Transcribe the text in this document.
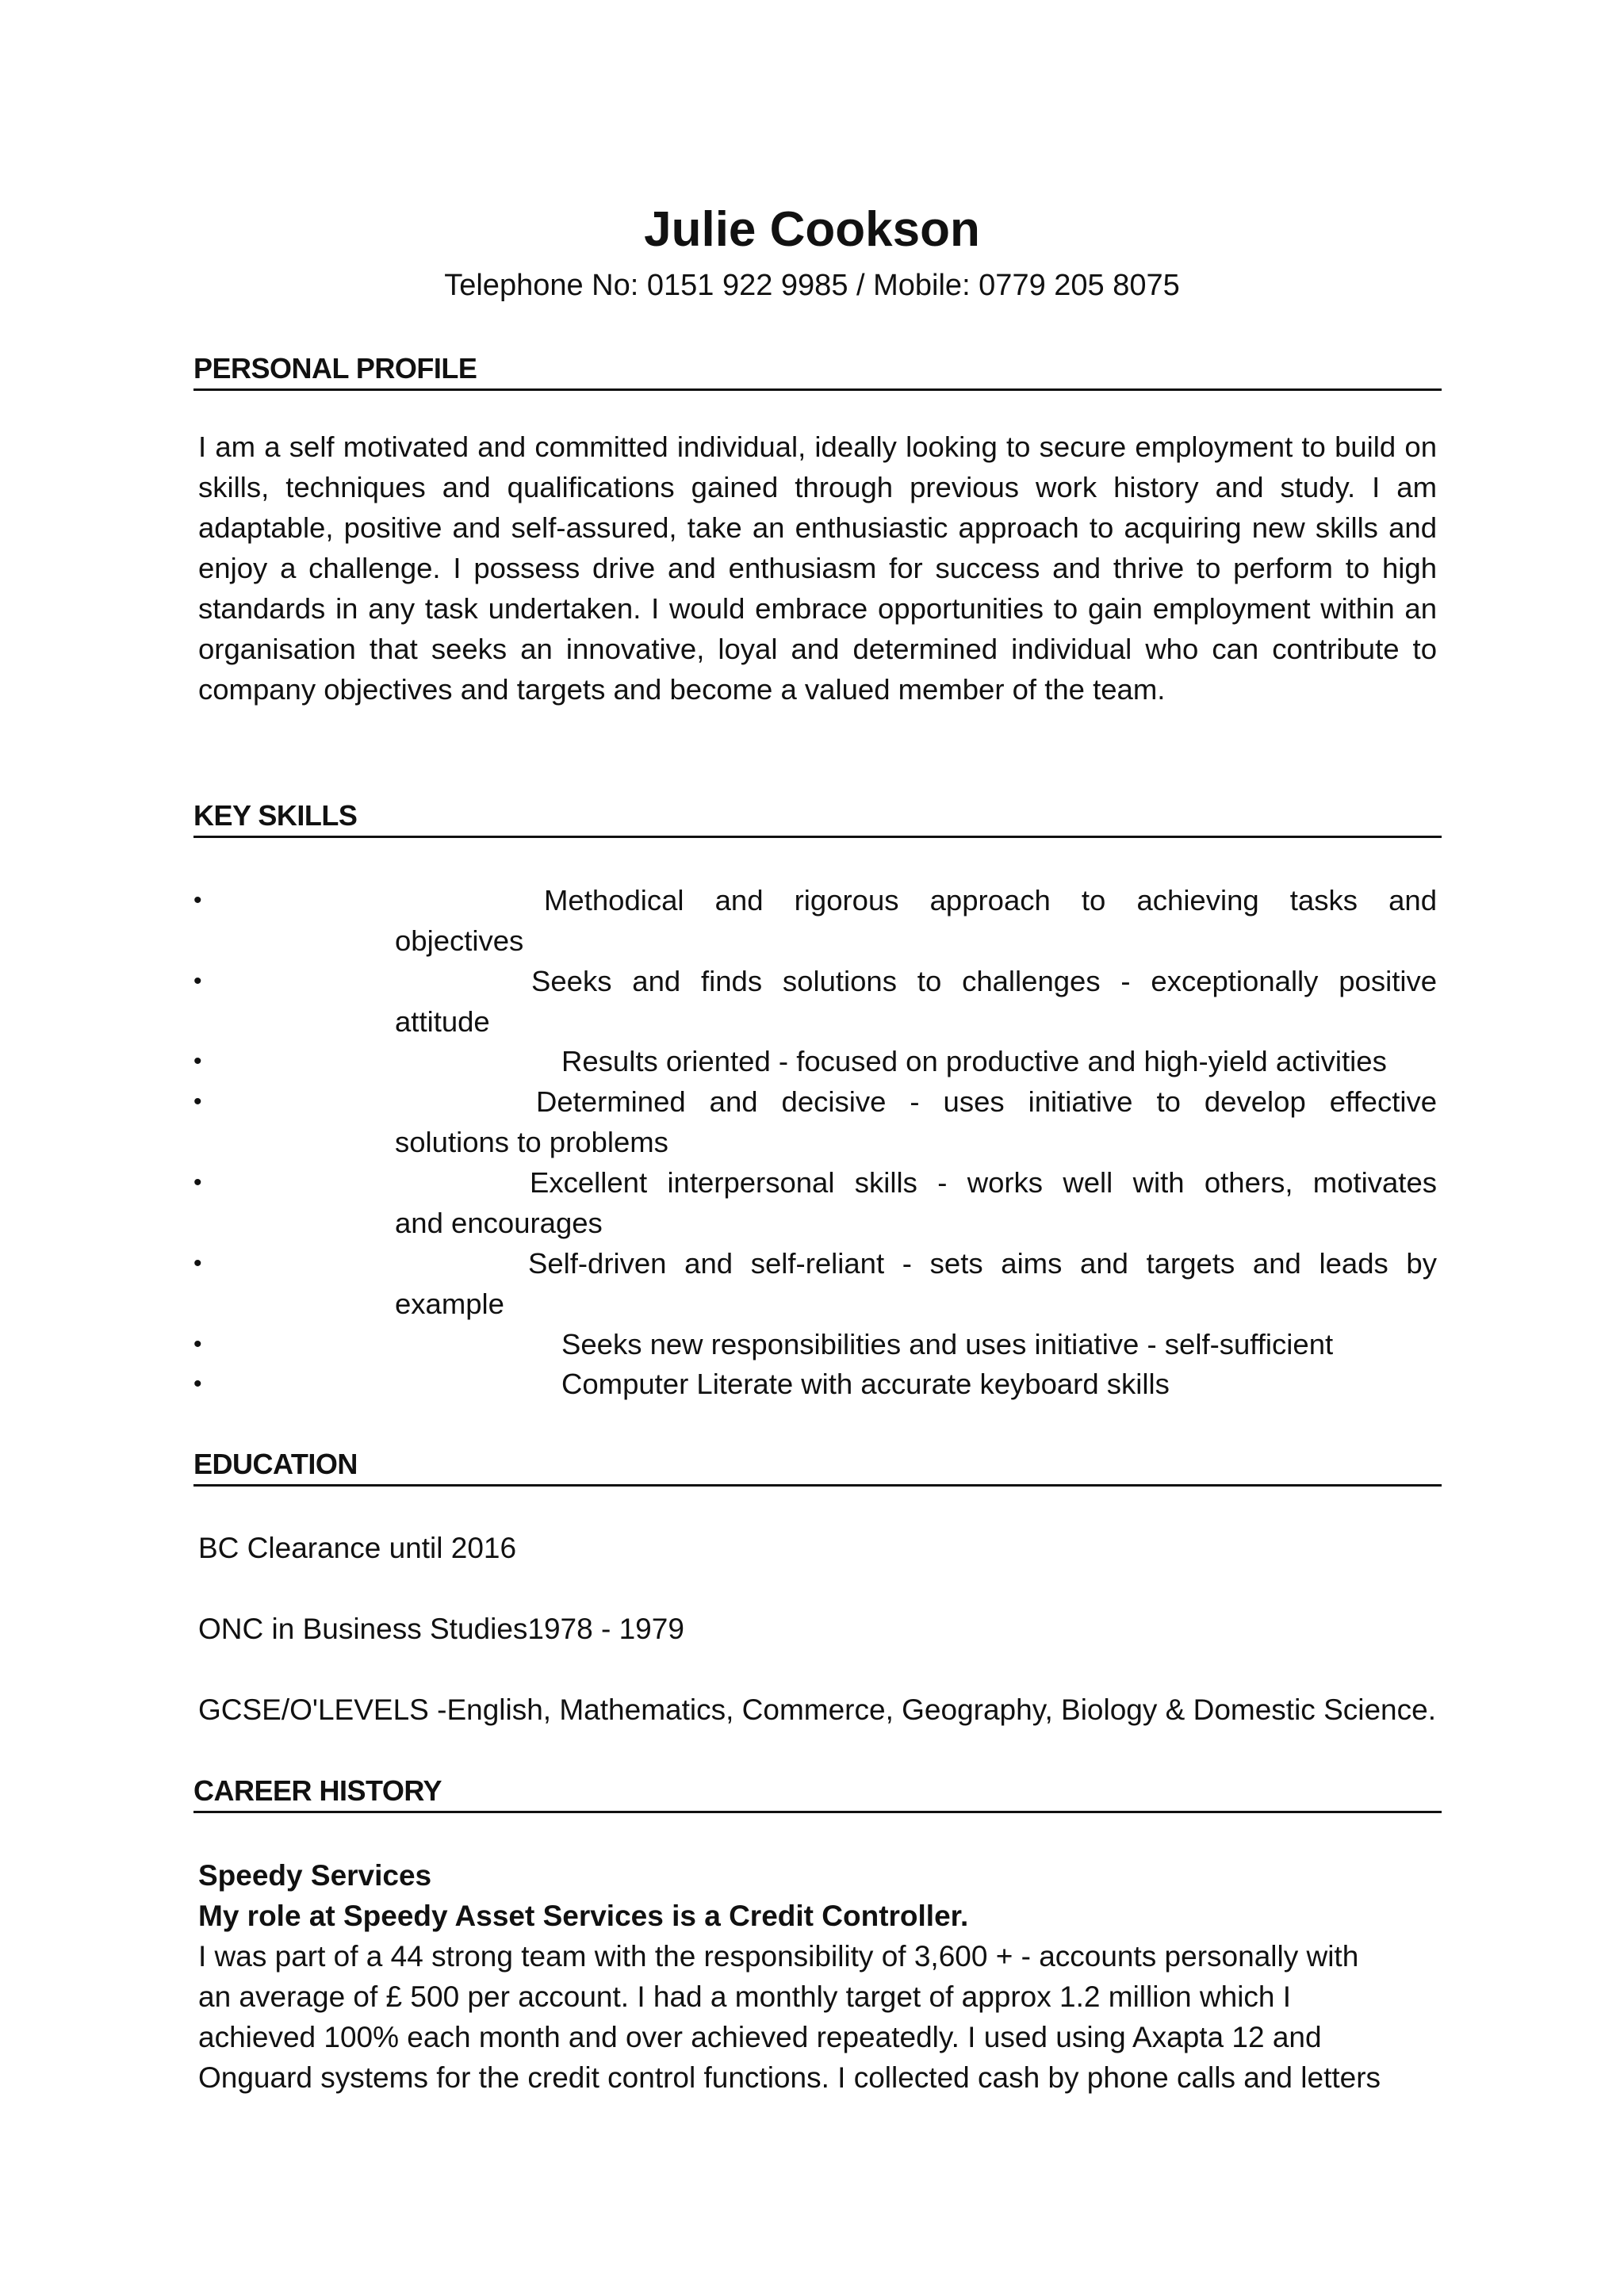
Julie Cookson
Telephone No: 0151 922 9985 / Mobile: 0779 205 8075
PERSONAL PROFILE
I am a self motivated and committed individual, ideally looking to secure employment to build on skills, techniques and qualifications gained through previous work history and study. I am adaptable, positive and self-assured, take an enthusiastic approach to acquiring new skills and enjoy a challenge. I possess drive and enthusiasm for success and thrive to perform to high standards in any task undertaken. I would embrace opportunities to gain employment within an organisation that seeks an innovative, loyal and determined individual who can contribute to company objectives and targets and become a valued member of the team.
KEY SKILLS
•	Methodical and rigorous approach to achieving tasks and
objectives
•	Seeks and finds solutions to challenges - exceptionally positive
attitude
•	Results oriented - focused on productive and high-yield activities
•	Determined and decisive - uses initiative to develop effective
solutions to problems
•	Excellent interpersonal skills - works well with others, motivates
and encourages
•	Self-driven and self-reliant - sets aims and targets and leads by
example
•	Seeks new responsibilities and uses initiative - self-sufficient
•	Computer Literate with accurate keyboard skills
EDUCATION
BC Clearance until 2016
ONC in Business Studies1978 - 1979
GCSE/O'LEVELS -English, Mathematics, Commerce, Geography, Biology & Domestic Science.
CAREER HISTORY
Speedy Services
My role at Speedy Asset Services is a Credit Controller.
I was part of a 44 strong team with the responsibility of 3,600 + - accounts personally with
an average of £ 500 per account. I had a monthly target of approx 1.2 million which I
achieved 100% each month and over achieved repeatedly. I used using Axapta 12 and
Onguard systems for the credit control functions. I collected cash by phone calls and letters
